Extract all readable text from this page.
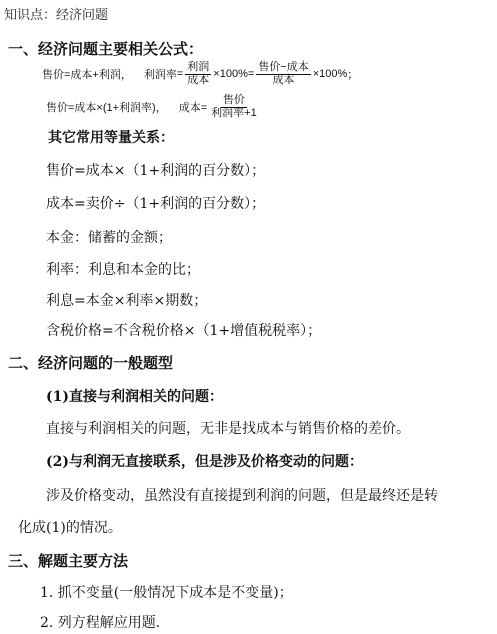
知识点：经济问题
一、经济问题主要相关公式：
售价 =成本+利润 ， 利润率 = $\frac{\text{利润}}{\text{成本}} \times 100\%= \frac{\text{售价−成本}}{\text{成本}} \times 100\%$ ；
售价=成本×(1+利润率) ， 成本= $\frac{\text{售价}}{\text{利润率+1}}$
其它常用等量关系：
售价=成本×（1+利润的百分数）；
成本=卖价÷（1+利润的百分数）；
本金：储蓄的金额；
利率：利息和本金的比；
利息=本金×利率×期数；
含税价格=不含税价格×（1+增值税税率）；
二、经济问题的一般题型
(1)直接与利润相关的问题：
直接与利润相关的问题，无非是找成本与销售价格的差价。
(2)与利润无直接联系，但是涉及价格变动的问题：
涉及价格变动，虽然没有直接提到利润的问题，但是最终还是转
化成(1)的情况。
三、解题主要方法
1. 抓不变量(一般情况下成本是不变量)；
2. 列方程解应用题.
